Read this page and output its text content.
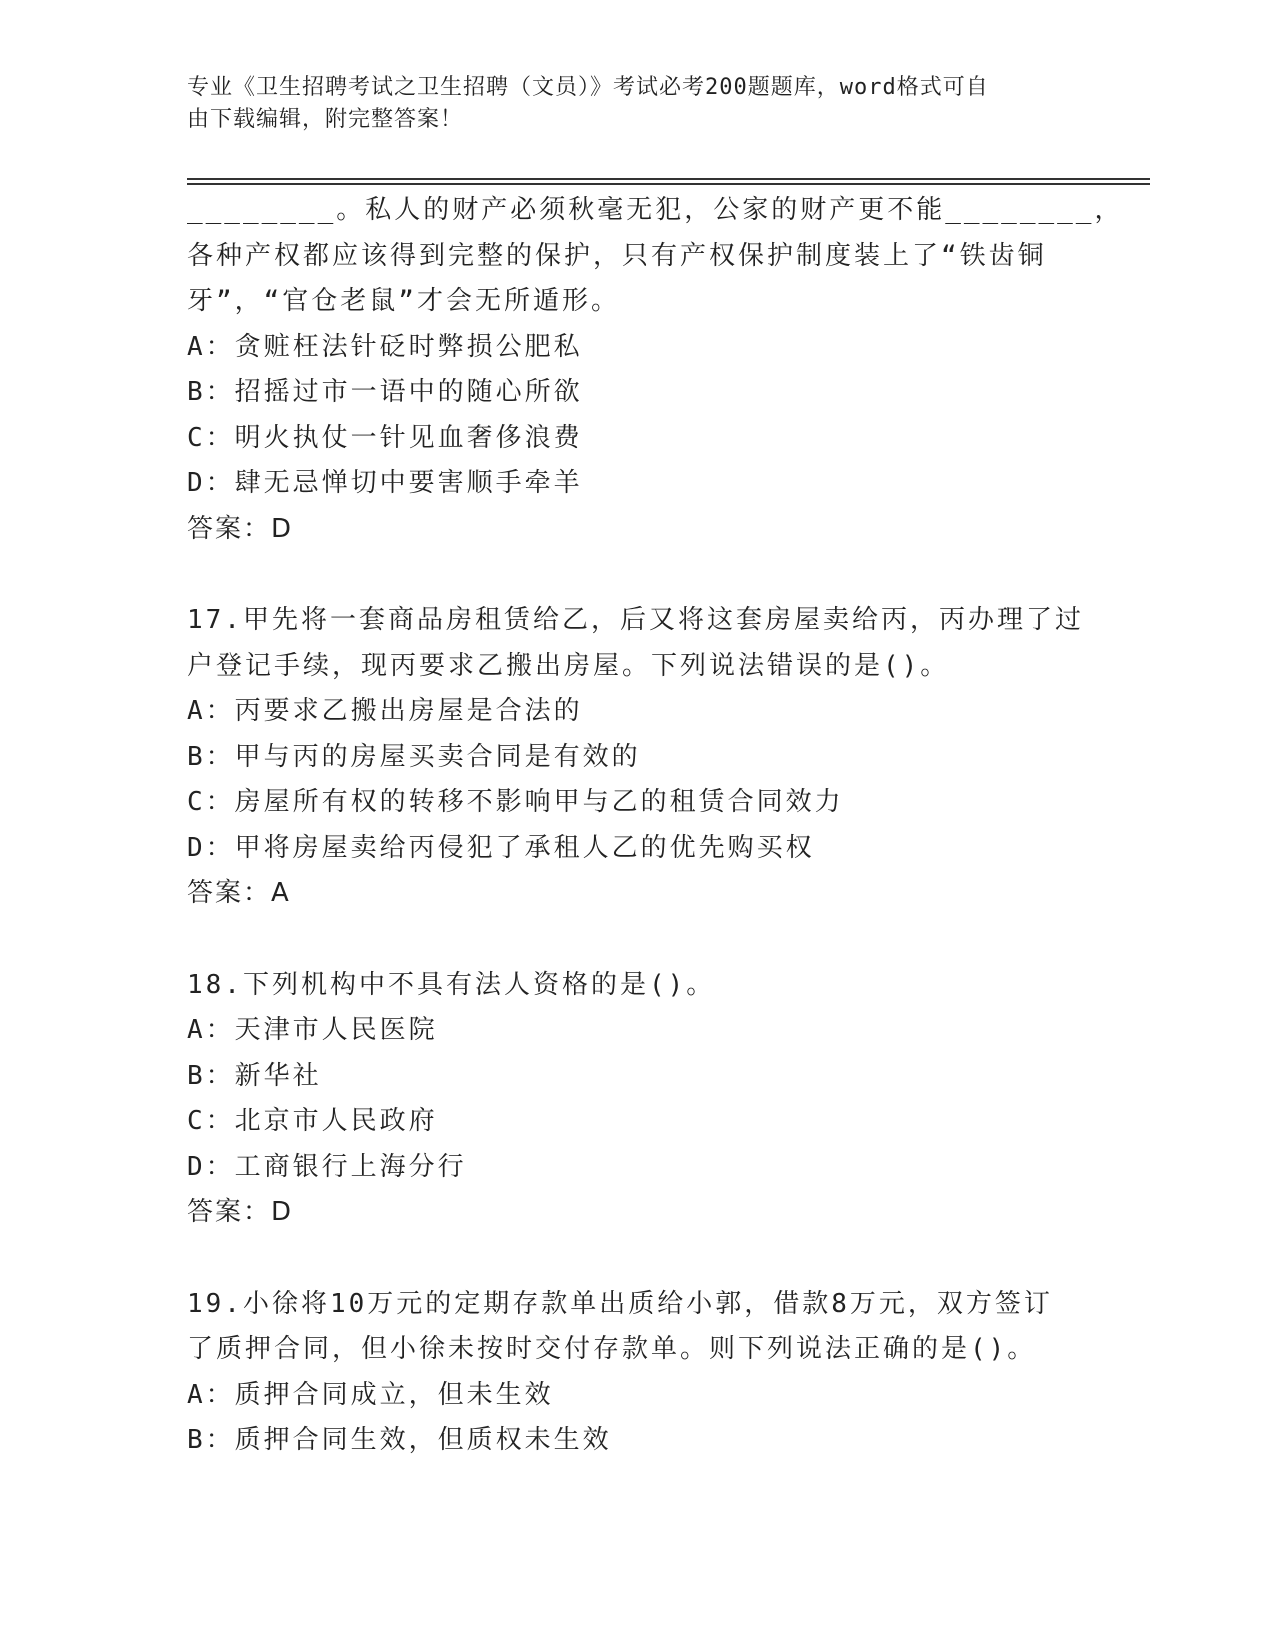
专业《卫生招聘考试之卫生招聘（文员）》考试必考200题题库，word格式可自
由下载编辑，附完整答案！
________。私人的财产必须秋毫无犯，公家的财产更不能________，
各种产权都应该得到完整的保护，只有产权保护制度装上了“铁齿铜
牙”，“官仓老鼠”才会无所遁形。
A：贪赃枉法针砭时弊损公肥私
B：招摇过市一语中的随心所欲
C：明火执仗一针见血奢侈浪费
D：肆无忌惮切中要害顺手牵羊
答案：D
17.甲先将一套商品房租赁给乙，后又将这套房屋卖给丙，丙办理了过
户登记手续，现丙要求乙搬出房屋。下列说法错误的是()。
A：丙要求乙搬出房屋是合法的
B：甲与丙的房屋买卖合同是有效的
C：房屋所有权的转移不影响甲与乙的租赁合同效力
D：甲将房屋卖给丙侵犯了承租人乙的优先购买权
答案：A
18.下列机构中不具有法人资格的是()。
A：天津市人民医院
B：新华社
C：北京市人民政府
D：工商银行上海分行
答案：D
19.小徐将10万元的定期存款单出质给小郭，借款8万元，双方签订
了质押合同，但小徐未按时交付存款单。则下列说法正确的是()。
A：质押合同成立，但未生效
B：质押合同生效，但质权未生效
